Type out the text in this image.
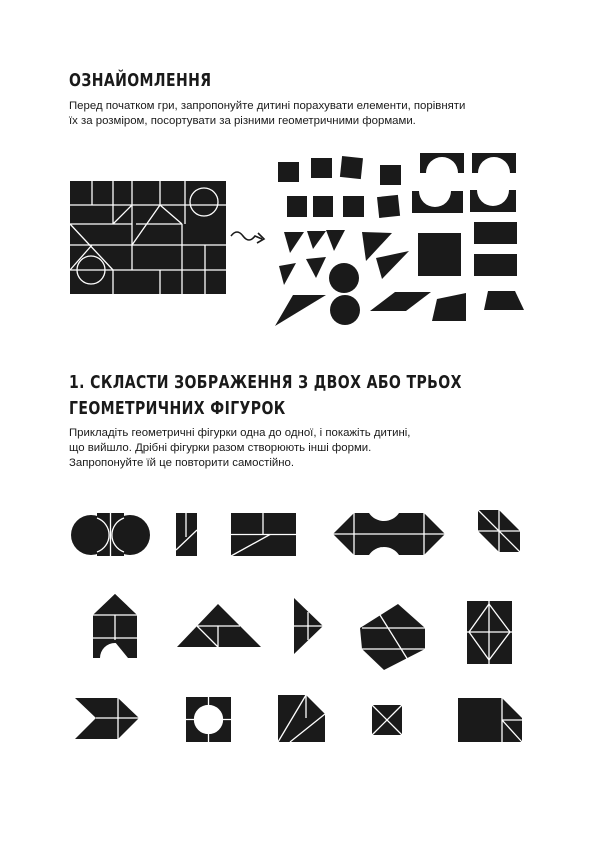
ОЗНАЙОМЛЕННЯ
Перед початком гри, запропонуйте дитині порахувати елементи, порівняти
їх за розміром, посортувати за різними геометричними формами.
1. СКЛАСТИ ЗОБРАЖЕННЯ З ДВОХ АБО ТРЬОХ
ГЕОМЕТРИЧНИХ ФІГУРОК
Прикладіть геометричні фігурки одна до одної, і покажіть дитині,
що вийшло. Дрібні фігурки разом створюють інші форми.
Запропонуйте їй це повторити самостійно.
